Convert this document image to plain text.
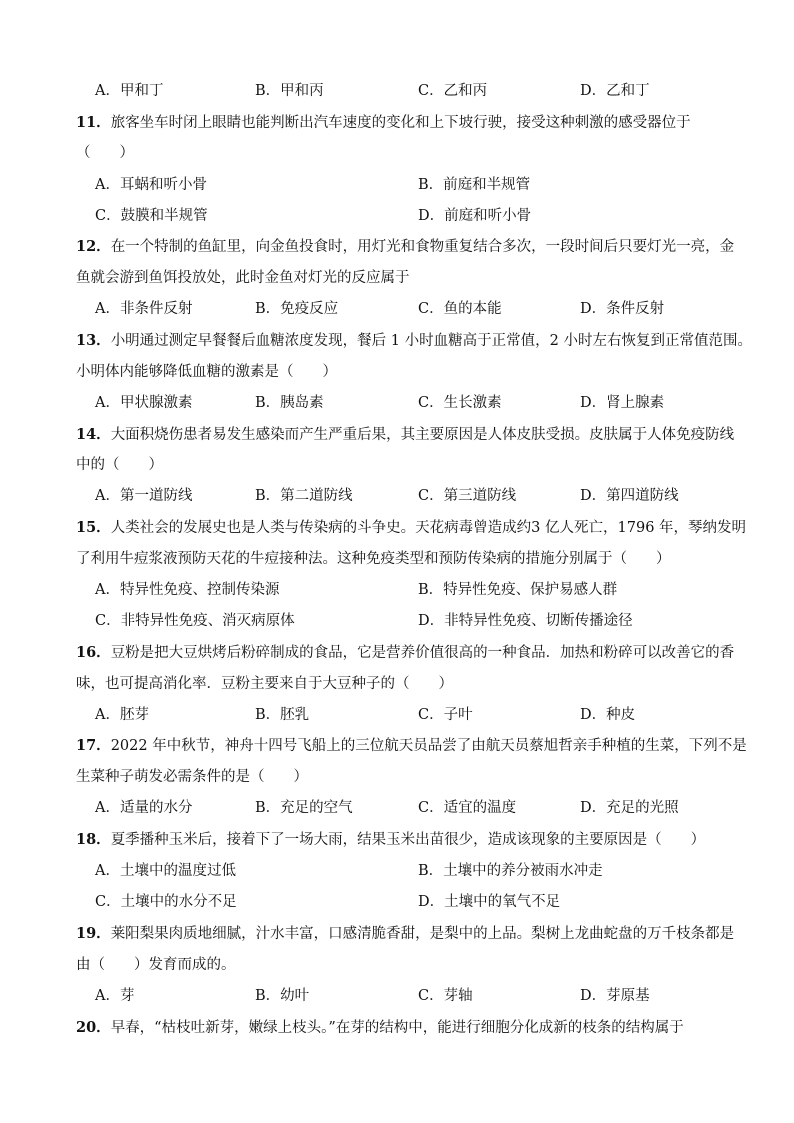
A．甲和丁	B．甲和丙	C．乙和丙	D．乙和丁
11．旅客坐车时闭上眼睛也能判断出汽车速度的变化和上下坡行驶，接受这种刺激的感受器位于
（　　）
A．耳蜗和听小骨	B．前庭和半规管
C．鼓膜和半规管	D．前庭和听小骨
12．在一个特制的鱼缸里，向金鱼投食时，用灯光和食物重复结合多次，一段时间后只要灯光一亮，金
鱼就会游到鱼饵投放处，此时金鱼对灯光的反应属于
A．非条件反射	B．免疫反应	C．鱼的本能	D．条件反射
13．小明通过测定早餐餐后血糖浓度发现，餐后 1 小时血糖高于正常值，2 小时左右恢复到正常值范围。
小明体内能够降低血糖的激素是（　　）
A．甲状腺激素	B．胰岛素	C．生长激素	D．肾上腺素
14．大面积烧伤患者易发生感染而产生严重后果，其主要原因是人体皮肤受损。皮肤属于人体免疫防线
中的（　　）
A．第一道防线	B．第二道防线	C．第三道防线	D．第四道防线
15．人类社会的发展史也是人类与传染病的斗争史。天花病毒曾造成约3 亿人死亡，1796 年，琴纳发明
了利用牛痘浆液预防天花的牛痘接种法。这种免疫类型和预防传染病的措施分别属于（　　）
A．特异性免疫、控制传染源	B．特异性免疫、保护易感人群
C．非特异性免疫、消灭病原体	D．非特异性免疫、切断传播途径
16．豆粉是把大豆烘烤后粉碎制成的食品，它是营养价值很高的一种食品．加热和粉碎可以改善它的香
味，也可提高消化率．豆粉主要来自于大豆种子的（　　）
A．胚芽	B．胚乳	C．子叶	D．种皮
17．2022 年中秋节，神舟十四号飞船上的三位航天员品尝了由航天员蔡旭哲亲手种植的生菜，下列不是
生菜种子萌发必需条件的是（　　）
A．适量的水分	B．充足的空气	C．适宜的温度	D．充足的光照
18．夏季播种玉米后，接着下了一场大雨，结果玉米出苗很少，造成该现象的主要原因是（　　）
A．土壤中的温度过低	B．土壤中的养分被雨水冲走
C．土壤中的水分不足	D．土壤中的氧气不足
19．莱阳梨果肉质地细腻，汁水丰富，口感清脆香甜，是梨中的上品。梨树上龙曲蛇盘的万千枝条都是
由（　　）发育而成的。
A．芽	B．幼叶	C．芽轴	D．芽原基
20．早春，“枯枝吐新芽，嫩绿上枝头。”在芽的结构中，能进行细胞分化成新的枝条的结构属于
